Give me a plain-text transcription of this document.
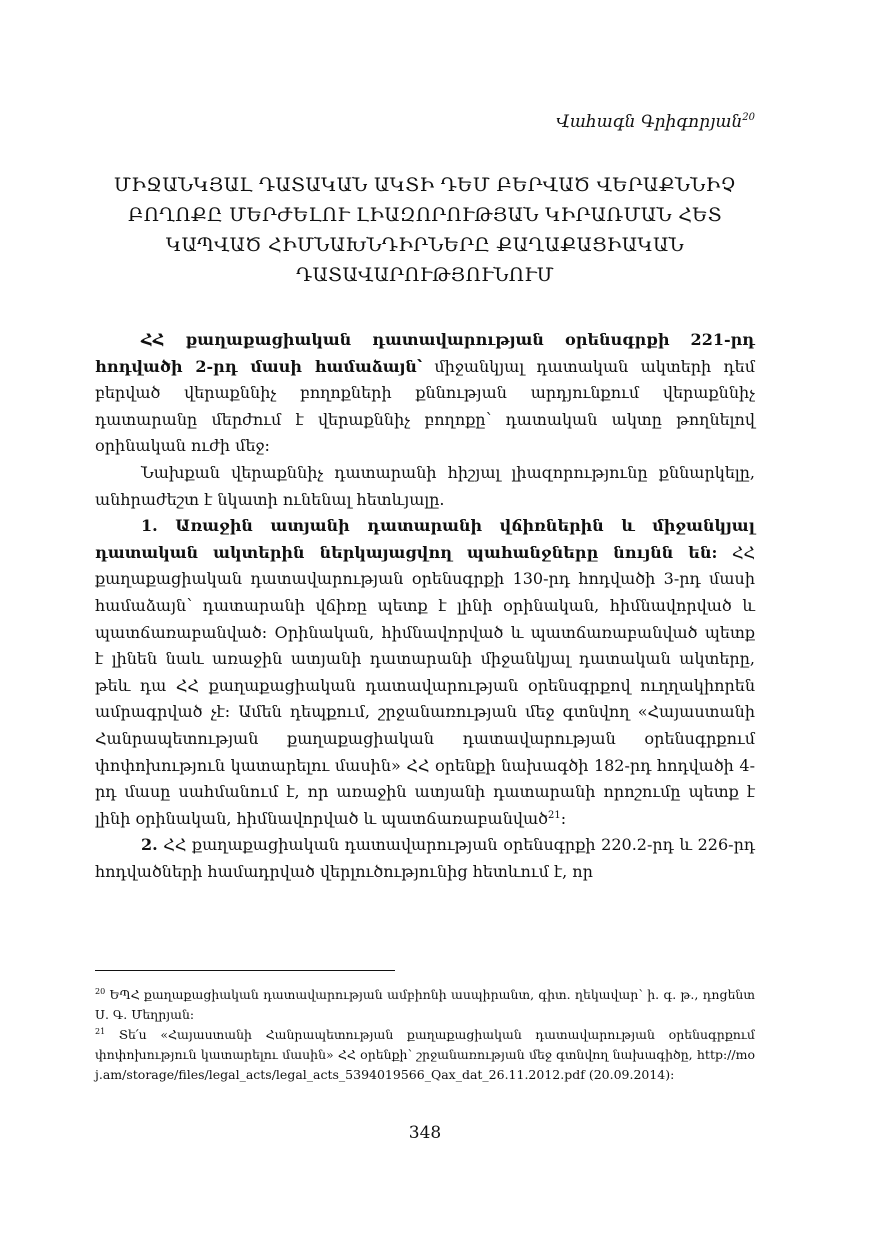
Վահագն Գրիգորյան$^{20}$
ՄԻՋԱՆԿՅԱԼ ԴԱՏԱԿԱՆ ԱԿՏԻ ԴԵՄ ԲԵՐՎԱԾ ՎԵՐԱՔՆՆԻՉ
ԲՈՂՈՔԸ ՄԵՐԺԵԼՈՒ ԼԻԱԶՈՐՈՒԹՅԱՆ ԿԻՐԱՌՄԱՆ ՀԵՏ
ԿԱՊՎԱԾ ՀԻՄՆԱԽՆԴԻՐՆԵՐԸ ՔԱՂԱՔԱՑԻԱԿԱՆ
ԴԱՏԱՎԱՐՈՒԹՅՈՒՆՈՒՄ

ՀՀ քաղաքացիական դատավարության օրենսգրքի 221-րդ հոդվածի 2-րդ մասի համաձայն՝ միջանկյալ դատական ակտերի դեմ բերված վերաքննիչ բողոքների քննության արդյունքում վերաքննիչ դատարանը մերժում է վերաքննիչ բողոքը՝ դատական ակտը թողնելով օրինական ուժի մեջ:

Նախքան վերաքննիչ դատարանի հիշյալ լիազորությունը քննարկելը, անհրաժեշտ է նկատի ունենալ հետևյալը.

1. Առաջին ատյանի դատարանի վճիռներին և միջանկյալ դատական ակտերին ներկայացվող պահանջները նույնն են: ՀՀ քաղաքացիական դատավարության օրենսգրքի 130-րդ հոդվածի 3-րդ մասի համաձայն՝ դատարանի վճիռը պետք է լինի օրինական, հիմնավորված և պատճառաբանված: Օրինական, հիմնավորված և պատճառաբանված պետք է լինեն նաև առաջին ատյանի դատարանի միջանկյալ դատական ակտերը, թեև դա ՀՀ քաղաքացիական դատավարության օրենսգրքով ուղղակիորեն ամրագրված չէ: Ամեն դեպքում, շրջանառության մեջ գտնվող «Հայաստանի Հանրապետության քաղաքացիական դատավարության օրենսգրքում փոփոխություն կատարելու մասին» ՀՀ օրենքի նախագծի 182-րդ հոդվածի 4-րդ մասը սահմանում է, որ առաջին ատյանի դատարանի որոշումը պետք է լինի օրինական, հիմնավորված և պատճառաբանված$^{21}$:

2. ՀՀ քաղաքացիական դատավարության օրենսգրքի 220.2-րդ և 226-րդ հոդվածների համադրված վերլուծությունից հետևում է, որ

$^{20}$ ԵՊՀ քաղաքացիական դատավարության ամբիոնի ասպիրանտ, գիտ. ղեկավար՝ ի. գ. թ., դոցենտ Ս. Գ. Մեղրյան:

$^{21}$ Տե՛ս «Հայաստանի Հանրապետության քաղաքացիական դատավարության օրենսգրքում փոփոխություն կատարելու մասին» ՀՀ օրենքի՝ շրջանառության մեջ գտնվող նախագիծը, http://moj.am/storage/files/legal_acts/legal_acts_5394019566_Qax_dat_26.11.2012.pdf (20.09.2014):

348
